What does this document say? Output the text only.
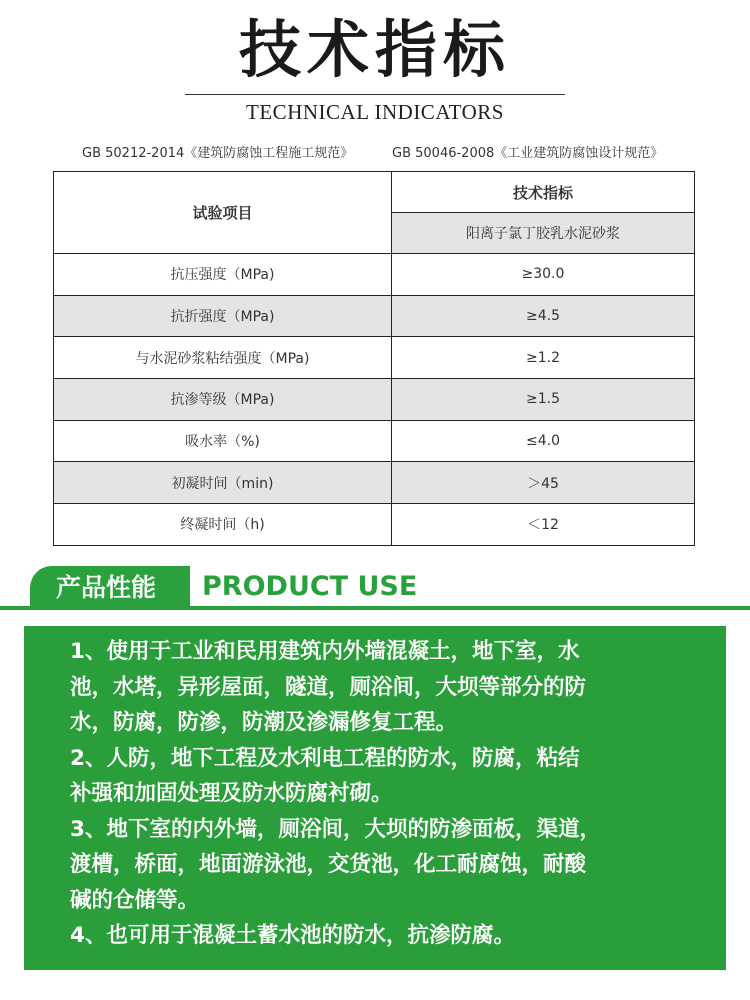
技术指标
TECHNICAL INDICATORS
GB 50212-2014《建筑防腐蚀工程施工规范》	GB 50046-2008《工业建筑防腐蚀设计规范》
试验项目	技术指标
	阳离子氯丁胶乳水泥砂浆
抗压强度（MPa)	≥30.0
抗折强度（MPa)	≥4.5
与水泥砂浆粘结强度（MPa)	≥1.2
抗渗等级（MPa)	≥1.5
吸水率（%)	≤4.0
初凝时间（min)	＞45
终凝时间（h)	＜12
产品性能	PRODUCT USE

1、使用于工业和民用建筑内外墙混凝土，地下室，水

池，水塔，异形屋面，隧道，厕浴间，大坝等部分的防

水，防腐，防渗，防潮及渗漏修复工程。

2、人防，地下工程及水利电工程的防水，防腐，粘结

补强和加固处理及防水防腐衬砌。

3、地下室的内外墙，厕浴间，大坝的防渗面板，渠道，

渡槽，桥面，地面游泳池，交货池，化工耐腐蚀，耐酸

碱的仓储等。

4、也可用于混凝土蓄水池的防水，抗渗防腐。
